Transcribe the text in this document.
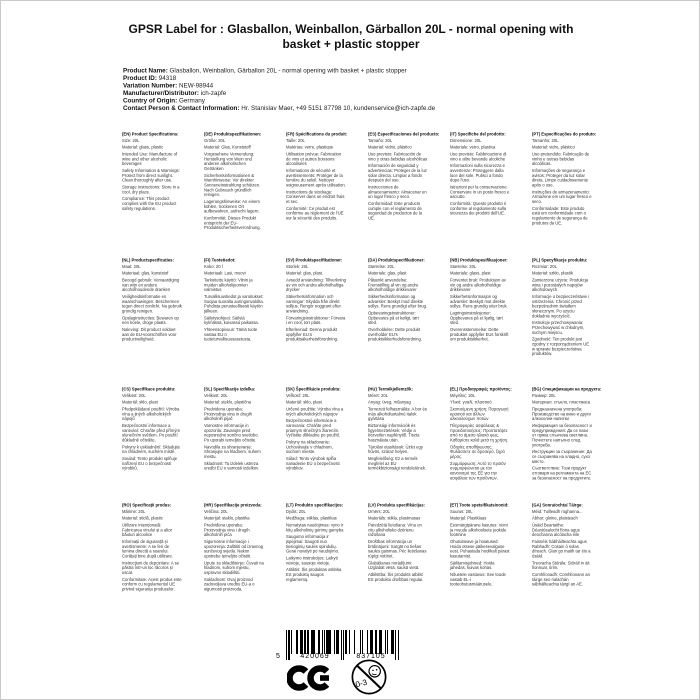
GPSR Label for : Glasballon, Weinballon, Gärballon 20L - normal opening with basket + plastic stopper
Product Name: Glasballon, Weinballon, Gärballon 20L - normal opening with basket + plastic stopper
Product ID: 94318
Variation Number: NEW-98944
Manufacturer/Distributor: ich-zapfe
Country of Origin: Germany
Contact Person & Contact Information: Hr. Stanislav Maer, +49 5151 87798 10, kundenservice@ich-zapfe.de
(EN) Product Specifications:

Size: 20L

Material: glass, plastic

Intended Use: Manufacture of wine and other alcoholic beverages

Safety Information & Warnings: Protect from direct sunlight. Clean thoroughly after use.

Storage Instructions: Store in a cool, dry place.

Compliance: This product complies with the EU product safety regulations.

(DE) Produktspezifikationen:

Größe: 20L

Material: Glas, Kunststoff

Vorgesehene Verwendung: Herstellung von Wein und anderen alkoholischen Getränken

Sicherheitsinformationen & Warnhinweise: Vor direkter Sonneneinstrahlung schützen. Nach Gebrauch gründlich reinigen.

Lagerungshinweise: An einem kühlen, trockenen Ort aufbewahren, aufrecht lagern.

Konformität: Dieses Produkt entspricht der EU-Produktsicherheitsverordnung.

(FR) Spécifications du produit:

Taille: 20L

Matériau: verre, plastique

Utilisation prévue: Fabrication de vins et autres boissons alcoolisées

Informations de sécurité et avertissements: Protéger de la lumière du soleil. Nettoyer soigneusement après utilisation.

Instructions de stockage: Conserver dans un endroit frais et sec.

Conformité: Ce produit est conforme au règlement de l'UE sur la sécurité des produits.

(ES) Especificaciones del producto:

Tamaño: 20L

Material: vidrio, plástico

Uso previsto: Fabricación de vino y otras bebidas alcohólicas

Información de seguridad y advertencias: Proteger de la luz solar directa. Limpiar a fondo después del uso.

Instrucciones de almacenamiento: Almacenar en un lugar fresco y seco.

Conformidad: Este producto cumple con el reglamento de seguridad de productos de la UE.

(IT) Specifiche del prodotto:

Dimensione: 20L

Materiale: vetro, plastica

Uso previsto: Fabbricazione di vino e altre bevande alcoliche

Informazioni sulla sicurezza e avvertenze: Proteggere dalla luce del sole. Pulisci a fondo dopo l'uso.

Istruzioni per la conservazione: Conservare in un posto fresco e asciutto.

Conformità: Questo prodotto è conforme al regolamento sulla sicurezza dei prodotti dell'UE.

(PT) Especificações do produto:

Tamanho: 20L

Material: vidro, plástico

Uso pretendido: Fabricação de vinho e outras bebidas alcoólicas.

Informações de segurança e avisos: Proteger da luz solar direta. Limpe cuidadosamente após o uso.

Instruções de armazenamento: Armazene em um lugar fresco e seco.

Conformidade: Este produto está em conformidade com o regulamento de segurança de produtos da UE.

(NL) Productspecificaties:

Maat: 20L

Materiaal: glas, kunststof

Beoogd gebruik: Vervaardiging van wijn en andere alcoholhoudende dranken

Veiligheidsinformatie en waarschuwingen: Beschermen tegen direct zonlicht. Na gebruik grondig reinigen.

Opslaginstructies: Bewaren op een koele, droge plaats.

Naleving: Dit product voldoet aan de EU-voorschriften voor productveiligheid.

(FI) Tuotetiedot:

Koko: 20 l

Materiaali: Lasi, muovi

Tarkoitettu käyttö: Viinin ja muiden alkoholijuomien valmistus

Turvallisuustiedot ja varoitukset: Suojaa suoralta auringonvalolta. Puhdista perusteellisesti käytön jälkeen.

Säilytysohjeet: Säilytä kylmässä, kuivassa paikassa.

Yhteensopivuus: Tämä tuote vastaa EU:n tuoteturvallisuusasetusta.

(SV) Produktspecifikationer:

Storlek: 20L

Material: glas, plast.

Avsedd användning: Tillverkning av vin och andra alkoholhaltiga drycker

Säkerhetsinformation och varningar: Skydda från direkt solljus. Rengör noggrant efter användning.

Förvaringsinstruktioner: Förvara i en cool, torr plats.

Efterlevnad: Denna produkt uppfyller EU:s produktsäkerhetsförordning.

(DA) Produktspecifikationer:

Størrelse: 20L

Materiale: glas, plast

Påtænkt anvendelse: Fremstilling af vin og andre alkoholholdige drikkevarer

Sikkerhedsinformation og advarsler: Beskyt mod direkte sollys. Rens grundigt efter brug.

Opbevaringsinstruktioner: Opbevares på et køligt, tørt sted.

Overholdelse: Dette produkt overholder EU's produktsikkerhedsforordning.

(NB) Produktspesifikasjoner:

Størrelse: 20L

Materiale: glass, plast

Forventet bruk: Produksjon av vin og andre alkoholholdige drikkevarer

Sikkerhetsinformasjon og advarsler: Beskytt mot direkte sollys. Rens grundig etter bruk.

Lagringsinstruksjoner: Oppbevares på et kjølig, tørt sted.

Overensstemmelse: Dette produktet oppfyller EUs forskrift om produktsikkerhet.

(PL) Specyfikacje produktu:

Rozmiar: 20L

Materiał: szkło, plastik

Zamierzone użycie: Produkcja wina i pozostałych napojów alkoholowych

Informacje o bezpieczeństwie i ostrzeżenia: Chronić przed bezpośrednim światłem słonecznym. Po użyciu dokładnie wyczyścić.

Instrukcje przechowywania: Przechowywać w chłodnym, suchym miejscu.

Zgodność: Ten produkt jest zgodny z rozporządzeniem UE w sprawie bezpieczeństwa produktów.

(CS) Specifikace produktu:

Velikost: 20L

Materiál: sklo, plast

Předpokládané použití: Výroba vína a jiných alkoholických nápojů

Bezpečnostní informace a varování: Chraňte před přímým slunečním světlem. Po použití důkladně očistěte.

Pokyny k uskladnění: Skladujte na chladném, suchém místě.

Soulad: Tento produkt splňuje nařízení EU o bezpečnosti výrobků.

(SL) Specifikacije izdelka:

Velikost: 20L

Material: steklo, plastična

Predvidena uporaba: Proizvodnja vina in drugih alkoholnih pijač

Varnostne informacije in opozorila: Zavarujte pred neposredno sončno svetlobo. Po uporabi temeljito očistite.

Navodila za shranjevanje: Shranjujte na hladnem, suhem mestu.

Skladnost: Ta izdelek ustreza uredbi EU o varnosti izdelkov.

(SK) Špecifikácie produktu:

Veľkosť: 20L

Materiál: sklo, plast

Určené použitie: Výroba vína a iných alkoholických nápojov

Bezpečnostné informácie a varovania: Chráňte pred priamym slnečným žiarením. Vyčistite dôkladne po použití.

Pokyny na skladovanie: Uchovávajte v chladnom, suchom mieste.

Súlad: Tento výrobok spĺňa nariadenie EÚ o bezpečnosti výrobkov.

(HU) Termékjellemzők:

Méret: 20L

Anyag: üveg, műanyag

Tervezett felhasználás: A bor és más alkoholtartalmú italok gyártása

Biztonsági információk és figyelmeztetések: Védje a közvetlen napfénytől. Tiszta használata után.

Tárolási utasítások: Üzlet egy hűvös, száraz helyen.

Megfelelőség: Ez a termék megfelel az EU termékbiztonsági rendeletének.

(EL) Προδιαγραφές προϊόντος:

Μέγεθος: 20L

Υλικό: γυαλί, πλαστικό

Σκοπούμενη χρήση: Παραγωγή κρασιού και άλλων αλκοολούχων ποτών

Πληροφορίες ασφάλειας & προειδοποιήσεις: Προστατέψτε από το άμεσο ηλιακό φως. Καθαρίστε καλά μετά τη χρήση.

Οδηγίες αποθήκευσης: Φυλάσσετε σε δροσερό, ξηρό μέρος.

Συμμόρφωση: Αυτό το προϊόν συμμορφώνεται με τον κανονισμό της ΕΕ για την ασφάλεια των προϊόντων.

(BG) Спецификации на продукта:

Размер: 20L

Материал: стъкло, пластмаса

Предназначена употреба: Производство на вино и други алкохолни напитки

Информация за безопасност и предупреждения: Да се пази от пряка слънчева светлина. Почистете напълно след употреба.

Инструкции за съхранение: Да се съхранява на хладно, сухо място.

Съответствие: Този продукт отговаря на регламента на ЕС за безопасност на продуктите.

(RO) Specificații produs:

Mărime: 20L

Material: sticlă, plastic

Utilizare intenționată: Fabricarea vinului și a altor băuturi alcoolice

Informații de siguranță și avertismente: A se feri de lumina directă a soarelui. Curățați bine după utilizare.

Instrucțiuni de depozitare: A se păstra într-un loc răcoros și uscat.

Conformitate: Acest produs este conform cu regulamentul UE privind siguranța produselor.

(HR) Specifikacije proizvoda:

Veličina: 20L

Materijal: staklo, plastika

Predviđena uporaba: Proizvodnja vina i drugih alkoholnih pića

Sigurnosne informacije i upozorenja: Zaštititi od izravnog sunčevog svjetla. Nakon upotrebe temeljito očistiti.

Upute za skladištenje: Čuvati na hladnom, suhom mjestu, uspravno skladištiti.

Sukladnost: Ovaj proizvod zadovoljava uredbu EU-a o sigurnosti proizvoda.

(LT) Produkto specifikacijos:

Dydis: 20L

Medžiaga: stiklas, plastikas

Numatytas naudojimas: vyno ir kitų alkoholinių gėrimų gamyba

Saugumo informacija ir įspėjimai: Saugoti nuo tiesioginių saulės spindulių. Gerai nuvalyti po naudojimo.

Laikymo instrukcijos: Laikyti vėsioje, sausoje vietoje.

Atitiktis: Šis produktas atitinka ES produktų saugos reglamentą.

(LV) Produkta specifikācijas:

Izmērs: 20L

Materiāls: stikla, plastmasas

Paredzētā lietošana: Vīna un citu alkoholisko dzērienu ražošana

Drošības informācija un brīdinājumi: Sargāt no tiešas saules gaismas. Pēc lietošanas rūpīgi notīriet.

Glabāšanas norādījumi: Uzglabāt vēsā, sausā vietā.

Atbilstība: Šis produkts atbilst ES produktu drošības regulai.

(ET) Toote spetsifikatsioonid:

Suurus: 20L

Materjal: Plastklaas

Eesmärgipärane kasutus: Veini ja muude alkohoolsete jookide tootmine

Ohutusteave ja hoiatused: Hoida otsese päikesevalguse eest. Puhastada hoolikalt pärast kasutamist.

Säilitamisjuhised: Hoida jahedas, kuivas kohas.

Nõuetele vastavus: See toode vastab EL-i tooteohutusmäärusele.

(GA) Sonraíochtaí Táirge:

Méid: Tuilleadh roghanna...

Ábhar: gloine, plaisteach

Úsáid Beartaithe: Déantúsaíocht fíona agus deochanna alcólacha eile

Faisnéis Sábháilteachta agus Rabhadh: Cosain ó solas díreach. Glan go maith tar éis a úsáid.

Treoracha Stórála: Stóráil in áit fionnuar, tirim.

Comhlíonadh: Comhlíonann an táirge seo rialachán sábháilteachta táirgí an AE.

5	420069	837105
0-3
